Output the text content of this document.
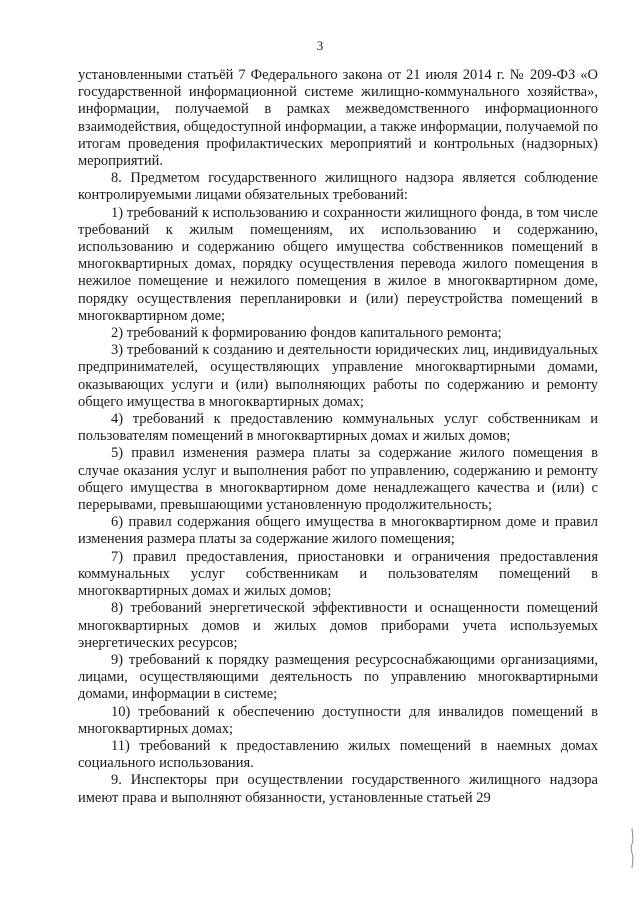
3

установленными статьёй 7 Федерального закона от 21 июля 2014 г. № 209-ФЗ «О государственной информационной системе жилищно-коммунального хозяйства», информации, получаемой в рамках межведомственного информационного взаимодействия, общедоступной информации, а также информации, получаемой по итогам проведения профилактических мероприятий и контрольных (надзорных) мероприятий.

8. Предметом государственного жилищного надзора является соблюдение контролируемыми лицами обязательных требований:

1) требований к использованию и сохранности жилищного фонда, в том числе требований к жилым помещениям, их использованию и содержанию, использованию и содержанию общего имущества собственников помещений в многоквартирных домах, порядку осуществления перевода жилого помещения в нежилое помещение и нежилого помещения в жилое в многоквартирном доме, порядку осуществления перепланировки и (или) переустройства помещений в многоквартирном доме;

2) требований к формированию фондов капитального ремонта;

3) требований к созданию и деятельности юридических лиц, индивидуальных предпринимателей, осуществляющих управление многоквартирными домами, оказывающих услуги и (или) выполняющих работы по содержанию и ремонту общего имущества в многоквартирных домах;

4) требований к предоставлению коммунальных услуг собственникам и пользователям помещений в многоквартирных домах и жилых домов;

5) правил изменения размера платы за содержание жилого помещения в случае оказания услуг и выполнения работ по управлению, содержанию и ремонту общего имущества в многоквартирном доме ненадлежащего качества и (или) с перерывами, превышающими установленную продолжительность;

6) правил содержания общего имущества в многоквартирном доме и правил изменения размера платы за содержание жилого помещения;

7) правил предоставления, приостановки и ограничения предоставления коммунальных услуг собственникам и пользователям помещений в многоквартирных домах и жилых домов;

8) требований энергетической эффективности и оснащенности помещений многоквартирных домов и жилых домов приборами учета используемых энергетических ресурсов;

9) требований к порядку размещения ресурсоснабжающими организациями, лицами, осуществляющими деятельность по управлению многоквартирными домами, информации в системе;

10) требований к обеспечению доступности для инвалидов помещений в многоквартирных домах;

11) требований к предоставлению жилых помещений в наемных домах социального использования.

9. Инспекторы при осуществлении государственного жилищного надзора имеют права и выполняют обязанности, установленные статьей 29
